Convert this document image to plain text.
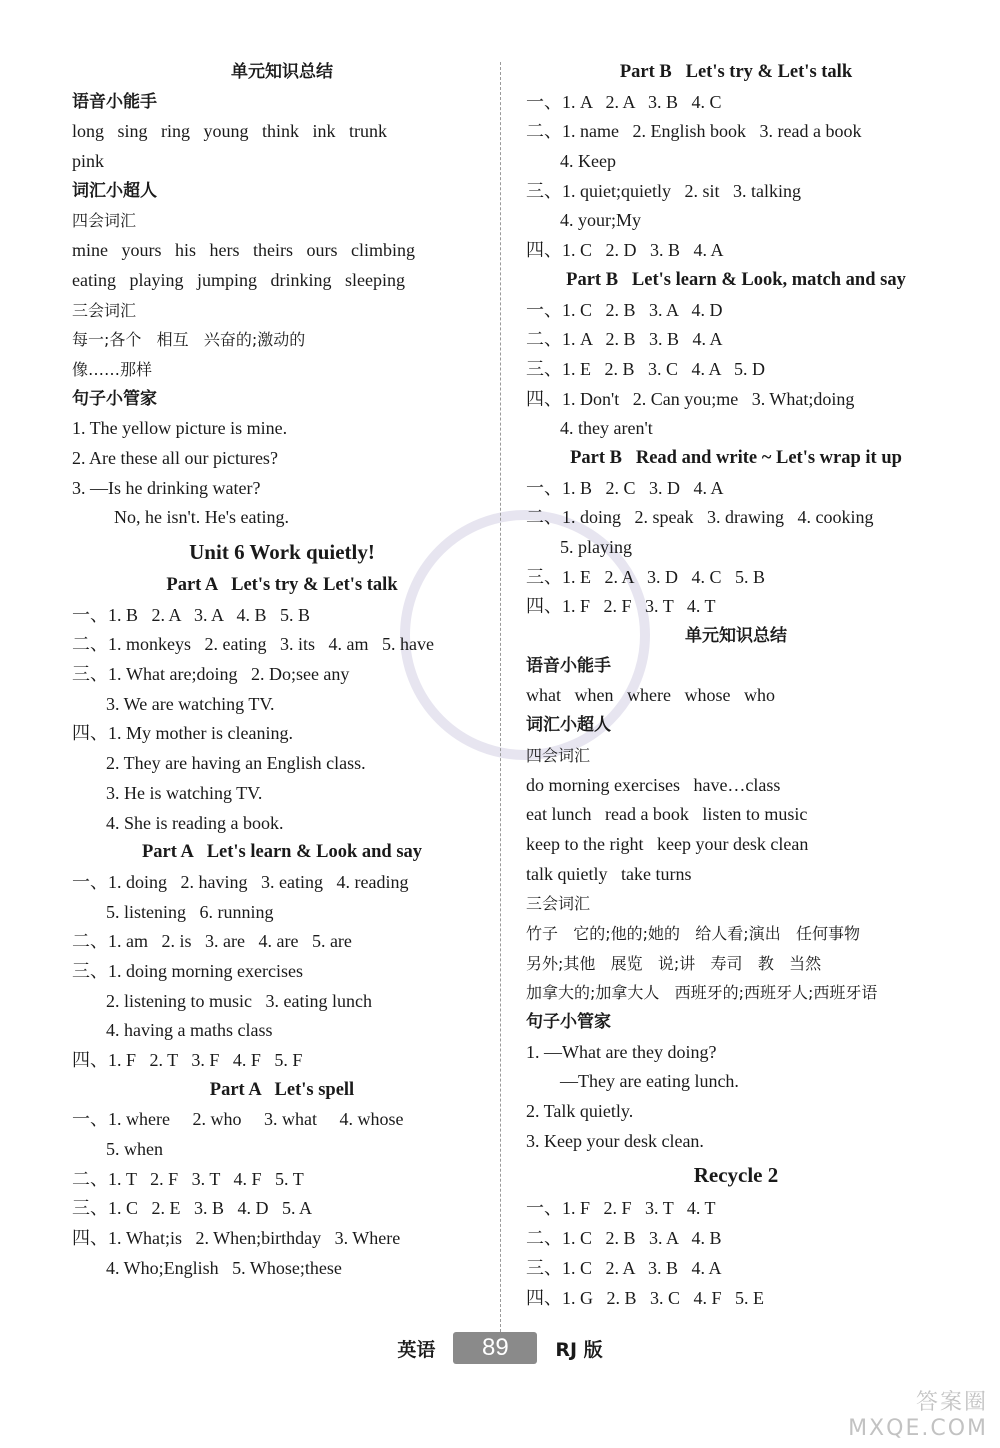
单元知识总结
语音小能手
long   sing   ring   young   think   ink   trunk
pink
词汇小超人
四会词汇
mine   yours   his   hers   theirs   ours   climbing
eating   playing   jumping   drinking   sleeping
三会词汇
每一;各个   相互   兴奋的;激动的
像……那样
句子小管家
1. The yellow picture is mine.
2. Are these all our pictures?
3. —Is he drinking water?
No, he isn't. He's eating.
Unit 6 Work quietly!
Part A   Let's try & Let's talk
一、1. B   2. A   3. A   4. B   5. B
二、1. monkeys   2. eating   3. its   4. am   5. have
三、1. What are;doing   2. Do;see any
3. We are watching TV.
四、1. My mother is cleaning.
2. They are having an English class.
3. He is watching TV.
4. She is reading a book.
Part A   Let's learn & Look and say
一、1. doing   2. having   3. eating   4. reading
5. listening   6. running
二、1. am   2. is   3. are   4. are   5. are
三、1. doing morning exercises
2. listening to music   3. eating lunch
4. having a maths class
四、1. F   2. T   3. F   4. F   5. F
Part A   Let's spell
一、1. where     2. who     3. what     4. whose
5. when
二、1. T   2. F   3. T   4. F   5. T
三、1. C   2. E   3. B   4. D   5. A
四、1. What;is   2. When;birthday   3. Where
4. Who;English   5. Whose;these
Part B   Let's try & Let's talk
一、1. A   2. A   3. B   4. C
二、1. name   2. English book   3. read a book
4. Keep
三、1. quiet;quietly   2. sit   3. talking
4. your;My
四、1. C   2. D   3. B   4. A
Part B   Let's learn & Look, match and say
一、1. C   2. B   3. A   4. D
二、1. A   2. B   3. B   4. A
三、1. E   2. B   3. C   4. A   5. D
四、1. Don't   2. Can you;me   3. What;doing
4. they aren't
Part B   Read and write ~ Let's wrap it up
一、1. B   2. C   3. D   4. A
二、1. doing   2. speak   3. drawing   4. cooking
5. playing
三、1. E   2. A   3. D   4. C   5. B
四、1. F   2. F   3. T   4. T
单元知识总结
语音小能手
what   when   where   whose   who
词汇小超人
四会词汇
do morning exercises   have…class
eat lunch   read a book   listen to music
keep to the right   keep your desk clean
talk quietly   take turns
三会词汇
竹子   它的;他的;她的   给人看;演出   任何事物
另外;其他   展览   说;讲   寿司   教   当然
加拿大的;加拿大人   西班牙的;西班牙人;西班牙语
句子小管家
1. —What are they doing?
—They are eating lunch.
2. Talk quietly.
3. Keep your desk clean.
Recycle 2
一、1. F   2. F   3. T   4. T
二、1. C   2. B   3. A   4. B
三、1. C   2. A   3. B   4. A
四、1. G   2. B   3. C   4. F   5. E
英语 89 RJ 版
答案圈
MXQE.COM
